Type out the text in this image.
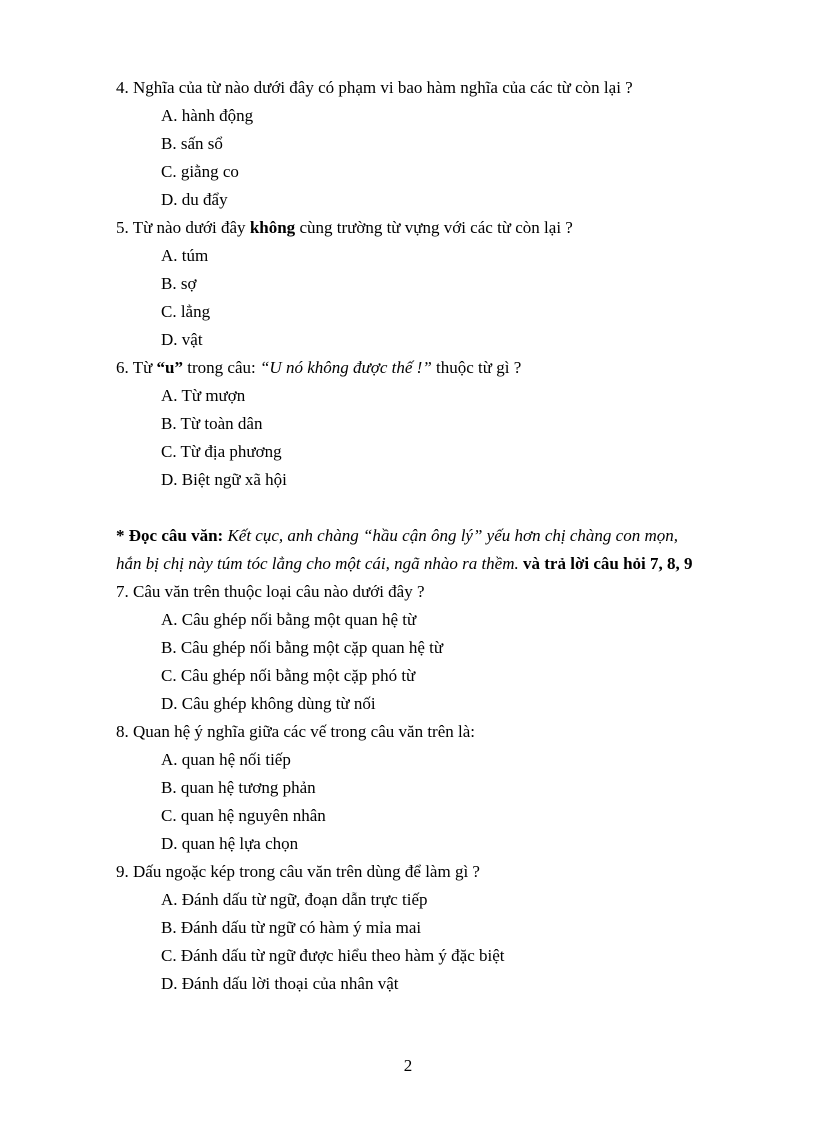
4. Nghĩa của từ nào dưới đây có phạm vi bao hàm nghĩa của các từ còn lại ?
A. hành động
B. sấn sổ
C. giằng co
D. du đẩy
5. Từ nào dưới đây không cùng trường từ vựng với các từ còn lại ?
A. túm
B. sợ
C. lẳng
D. vật
6. Từ “u” trong câu: “U nó không được thế !” thuộc từ gì ?
A. Từ mượn
B. Từ toàn dân
C. Từ địa phương
D. Biệt ngữ xã hội
* Đọc câu văn: Kết cục, anh chàng “hầu cận ông lý” yếu hơn chị chàng con mọn,
hắn bị chị này túm tóc lẳng cho một cái, ngã nhào ra thềm. và trả lời câu hỏi 7, 8, 9
7. Câu văn trên thuộc loại câu nào dưới đây ?
A. Câu ghép nối bằng một quan hệ từ
B. Câu ghép nối bằng một cặp quan hệ từ
C. Câu ghép nối bằng một cặp phó từ
D. Câu ghép không dùng từ nối
8. Quan hệ ý nghĩa giữa các vế trong câu văn trên là:
A. quan hệ nối tiếp
B. quan hệ tương phản
C. quan hệ nguyên nhân
D. quan hệ lựa chọn
9. Dấu ngoặc kép trong câu văn trên dùng để làm gì ?
A. Đánh dấu từ ngữ, đoạn dẫn trực tiếp
B. Đánh dấu từ ngữ có hàm ý mỉa mai
C. Đánh dấu từ ngữ được hiểu theo hàm ý đặc biệt
D. Đánh dấu lời thoại của nhân vật
2
